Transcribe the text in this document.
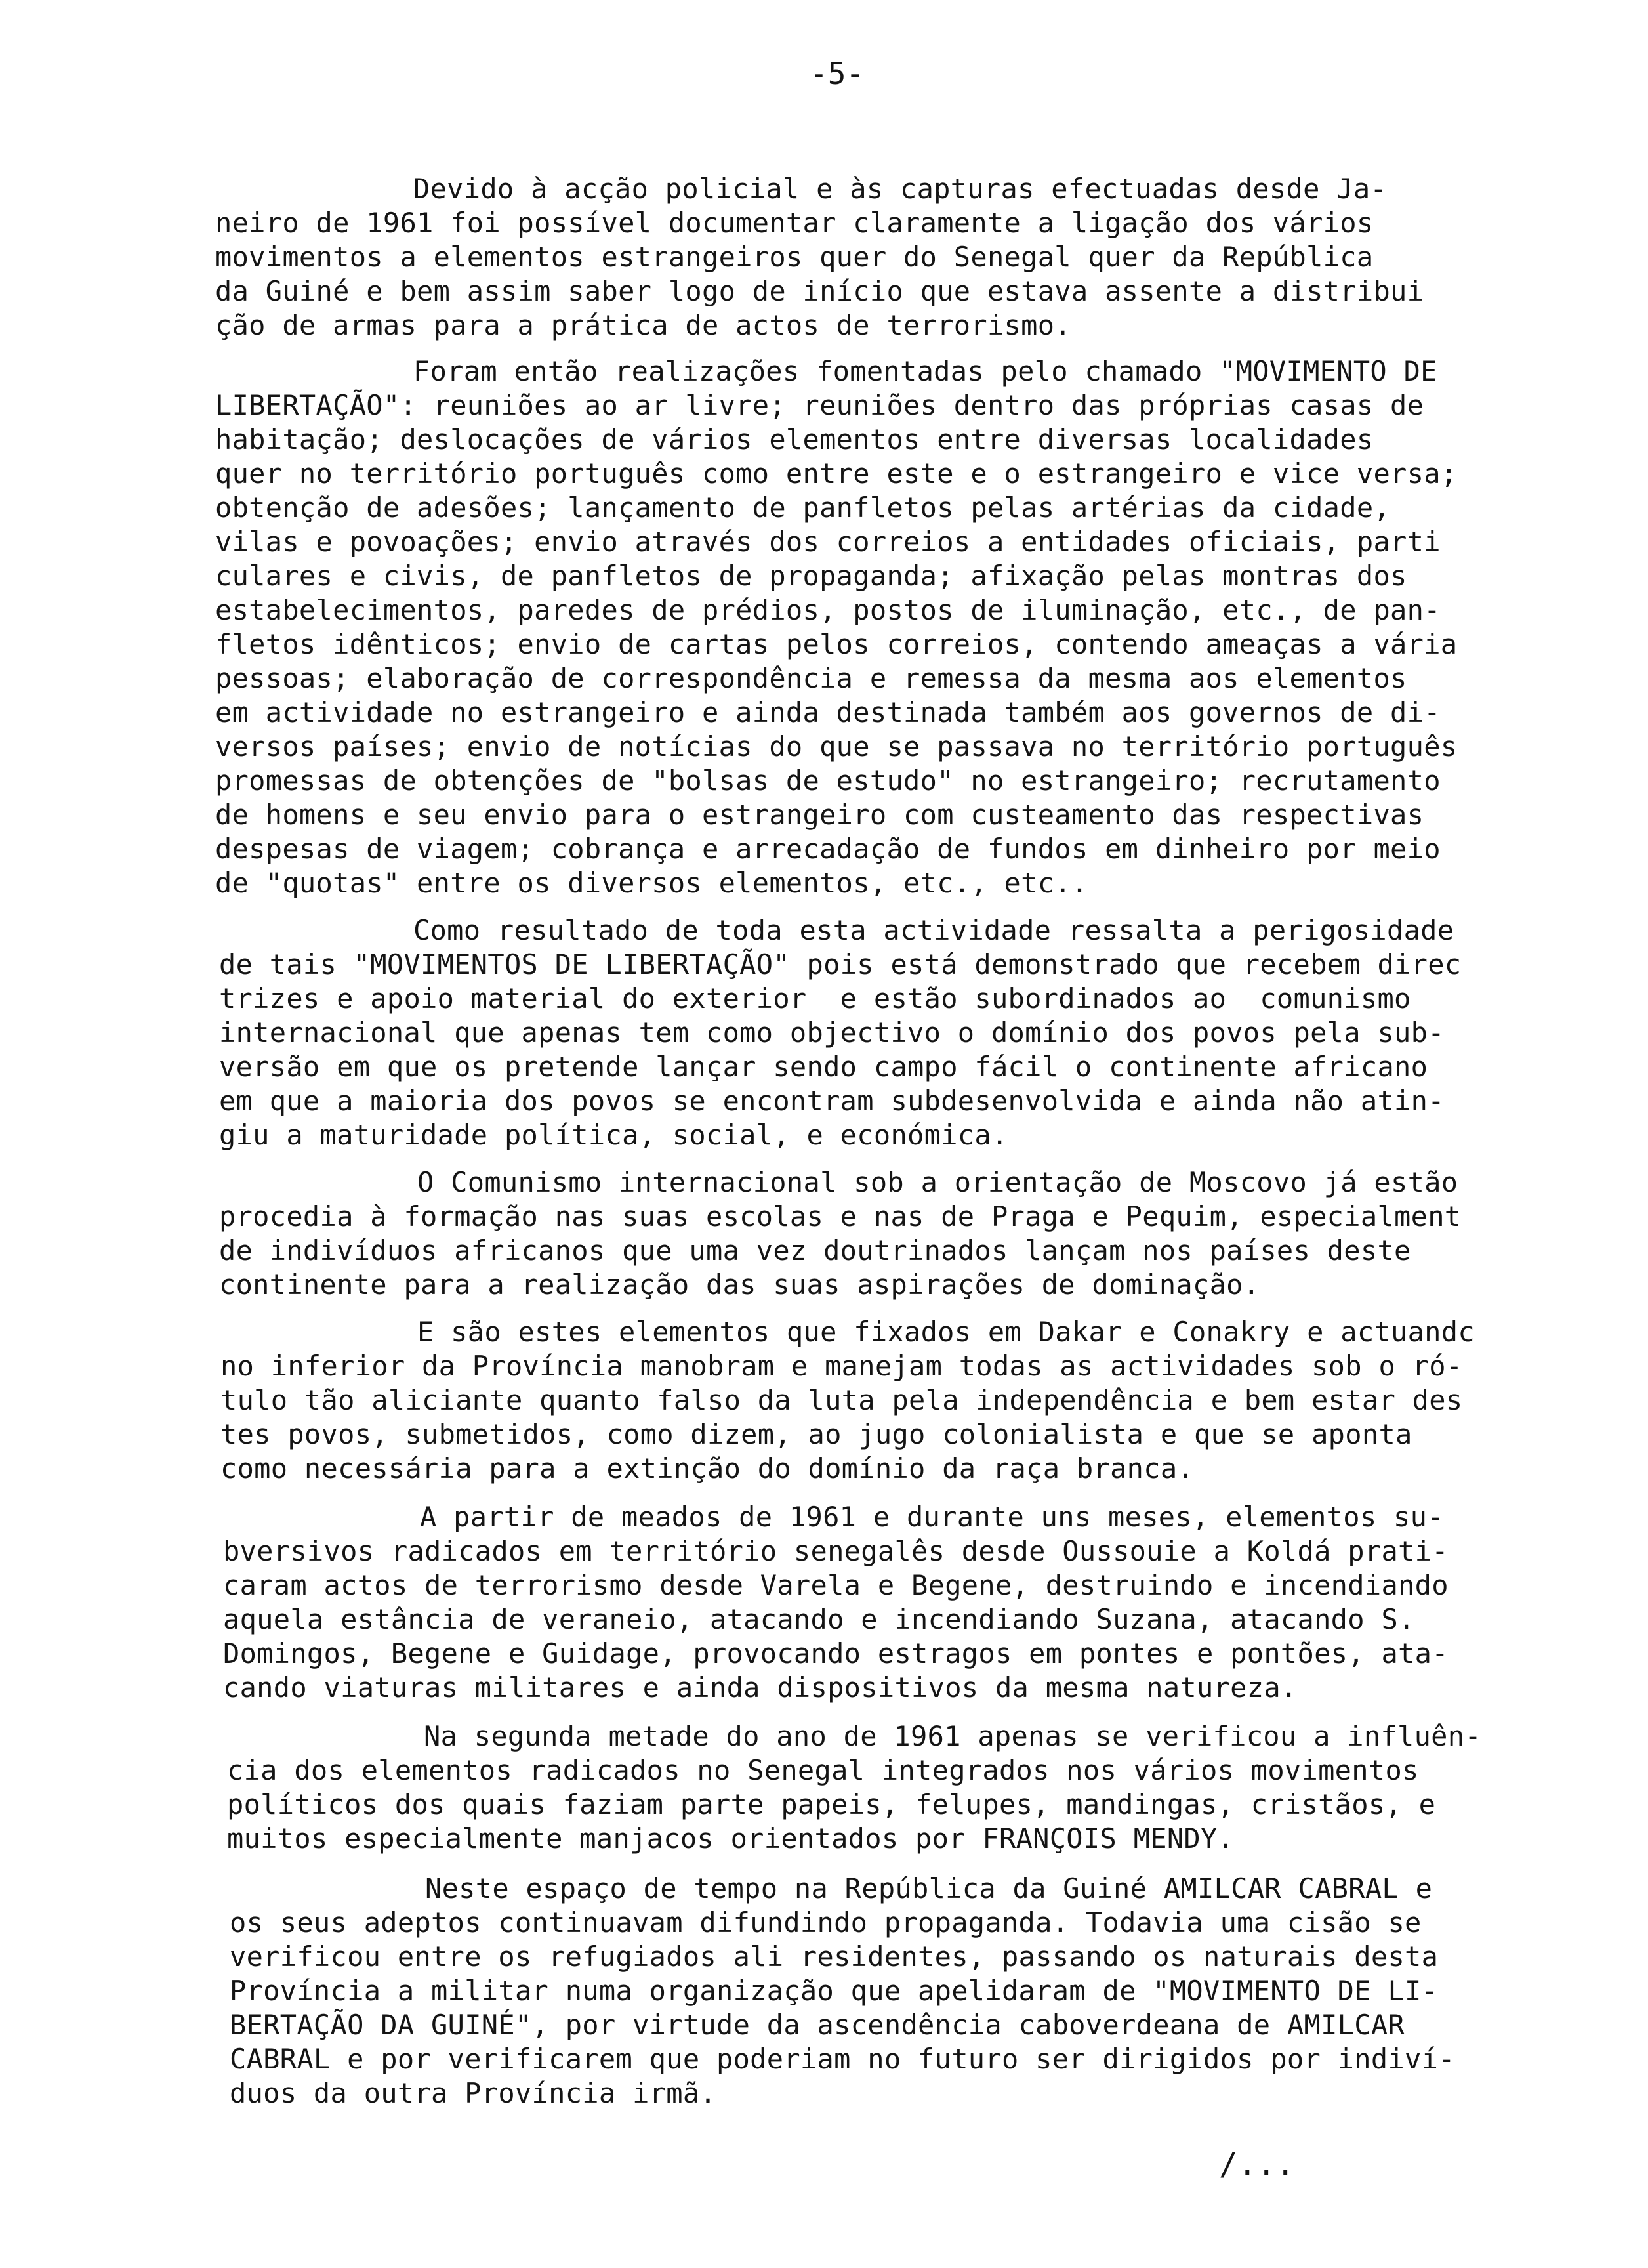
-5-
Devido à acção policial e às capturas efectuadas desde Ja-
neiro de 1961 foi possível documentar claramente a ligação dos vários
movimentos a elementos estrangeiros quer do Senegal quer da República
da Guiné e bem assim saber logo de início que estava assente a distribui
ção de armas para a prática de actos de terrorismo.
Foram então realizações fomentadas pelo chamado "MOVIMENTO DE
LIBERTAÇÃO": reuniões ao ar livre; reuniões dentro das próprias casas de
habitação; deslocações de vários elementos entre diversas localidades
quer no território português como entre este e o estrangeiro e vice versa;
obtenção de adesões; lançamento de panfletos pelas artérias da cidade,
vilas e povoações; envio através dos correios a entidades oficiais, parti
culares e civis, de panfletos de propaganda; afixação pelas montras dos
estabelecimentos, paredes de prédios, postos de iluminação, etc., de pan-
fletos idênticos; envio de cartas pelos correios, contendo ameaças a vária
pessoas; elaboração de correspondência e remessa da mesma aos elementos
em actividade no estrangeiro e ainda destinada também aos governos de di-
versos países; envio de notícias do que se passava no território português
promessas de obtenções de "bolsas de estudo" no estrangeiro; recrutamento
de homens e seu envio para o estrangeiro com custeamento das respectivas
despesas de viagem; cobrança e arrecadação de fundos em dinheiro por meio
de "quotas" entre os diversos elementos, etc., etc..
Como resultado de toda esta actividade ressalta a perigosidade
de tais "MOVIMENTOS DE LIBERTAÇÃO" pois está demonstrado que recebem direc
trizes e apoio material do exterior  e estão subordinados ao  comunismo
internacional que apenas tem como objectivo o domínio dos povos pela sub-
versão em que os pretende lançar sendo campo fácil o continente africano
em que a maioria dos povos se encontram subdesenvolvida e ainda não atin-
giu a maturidade política, social, e económica.
O Comunismo internacional sob a orientação de Moscovo já estão
procedia à formação nas suas escolas e nas de Praga e Pequim, especialment
de indivíduos africanos que uma vez doutrinados lançam nos países deste
continente para a realização das suas aspirações de dominação.
E são estes elementos que fixados em Dakar e Conakry e actuandc
no inferior da Província manobram e manejam todas as actividades sob o ró-
tulo tão aliciante quanto falso da luta pela independência e bem estar des
tes povos, submetidos, como dizem, ao jugo colonialista e que se aponta
como necessária para a extinção do domínio da raça branca.
A partir de meados de 1961 e durante uns meses, elementos su-
bversivos radicados em território senegalês desde Oussouie a Koldá prati-
caram actos de terrorismo desde Varela e Begene, destruindo e incendiando
aquela estância de veraneio, atacando e incendiando Suzana, atacando S.
Domingos, Begene e Guidage, provocando estragos em pontes e pontões, ata-
cando viaturas militares e ainda dispositivos da mesma natureza.
Na segunda metade do ano de 1961 apenas se verificou a influên-
cia dos elementos radicados no Senegal integrados nos vários movimentos
políticos dos quais faziam parte papeis, felupes, mandingas, cristãos, e
muitos especialmente manjacos orientados por FRANÇOIS MENDY.
Neste espaço de tempo na República da Guiné AMILCAR CABRAL e
os seus adeptos continuavam difundindo propaganda. Todavia uma cisão se
verificou entre os refugiados ali residentes, passando os naturais desta
Província a militar numa organização que apelidaram de "MOVIMENTO DE LI-
BERTAÇÃO DA GUINÉ", por virtude da ascendência caboverdeana de AMILCAR
CABRAL e por verificarem que poderiam no futuro ser dirigidos por indiví-
duos da outra Província irmã.
/...
